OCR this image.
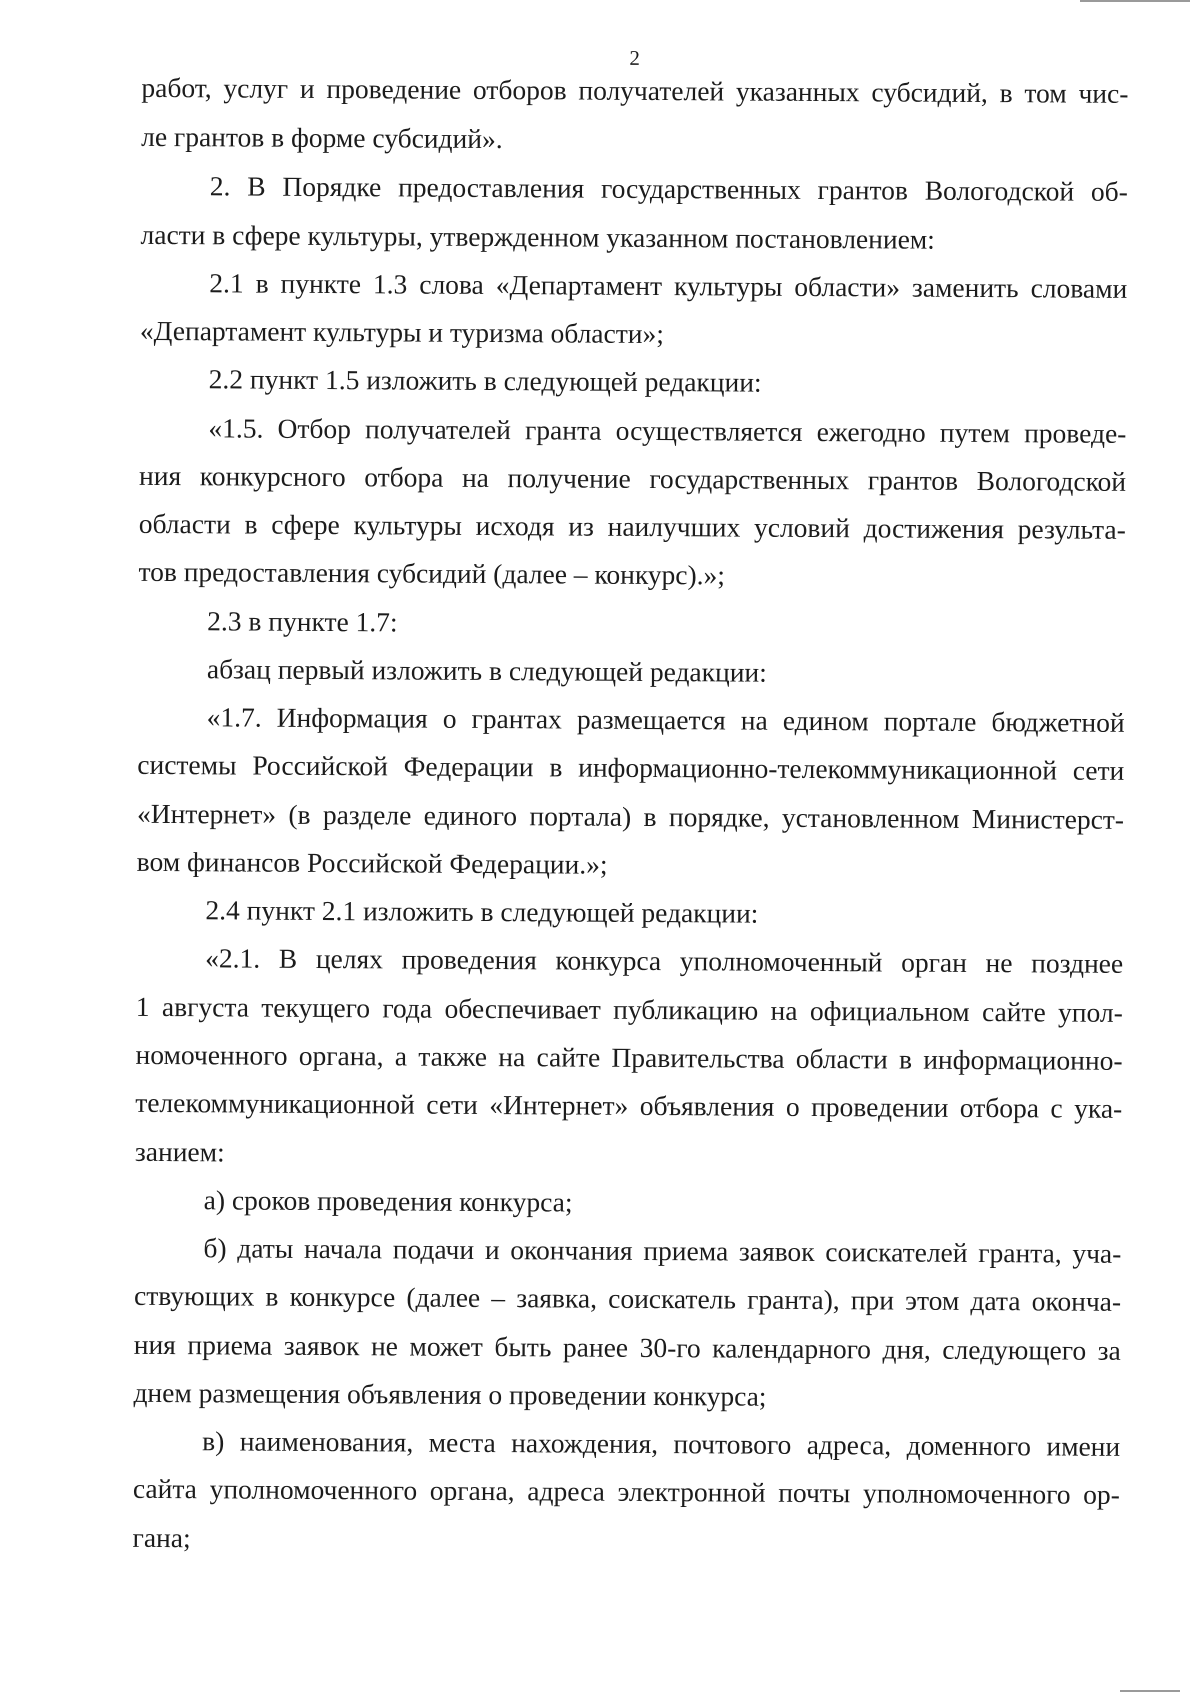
2
работ, услуг и проведение отборов получателей указанных субсидий, в том чис-
ле грантов в форме субсидий».
2. В Порядке предоставления государственных грантов Вологодской об-
ласти в сфере культуры, утвержденном указанном постановлением:
2.1 в пункте 1.3 слова «Департамент культуры области» заменить словами
«Департамент культуры и туризма области»;
2.2 пункт 1.5 изложить в следующей редакции:
«1.5. Отбор получателей гранта осуществляется ежегодно путем проведе-
ния конкурсного отбора на получение государственных грантов Вологодской
области в сфере культуры исходя из наилучших условий достижения результа-
тов предоставления субсидий (далее – конкурс).»;
2.3 в пункте 1.7:
абзац первый изложить в следующей редакции:
«1.7. Информация о грантах размещается на едином портале бюджетной
системы Российской Федерации в информационно-телекоммуникационной сети
«Интернет» (в разделе единого портала) в порядке, установленном Министерст-
вом финансов Российской Федерации.»;
2.4 пункт 2.1 изложить в следующей редакции:
«2.1. В целях проведения конкурса уполномоченный орган не позднее
1 августа текущего года обеспечивает публикацию на официальном сайте упол-
номоченного органа, а также на сайте Правительства области в информационно-
телекоммуникационной сети «Интернет» объявления о проведении отбора с ука-
занием:
а) сроков проведения конкурса;
б) даты начала подачи и окончания приема заявок соискателей гранта, уча-
ствующих в конкурсе (далее – заявка, соискатель гранта), при этом дата оконча-
ния приема заявок не может быть ранее 30-го календарного дня, следующего за
днем размещения объявления о проведении конкурса;
в) наименования, места нахождения, почтового адреса, доменного имени
сайта уполномоченного органа, адреса электронной почты уполномоченного ор-
гана;
